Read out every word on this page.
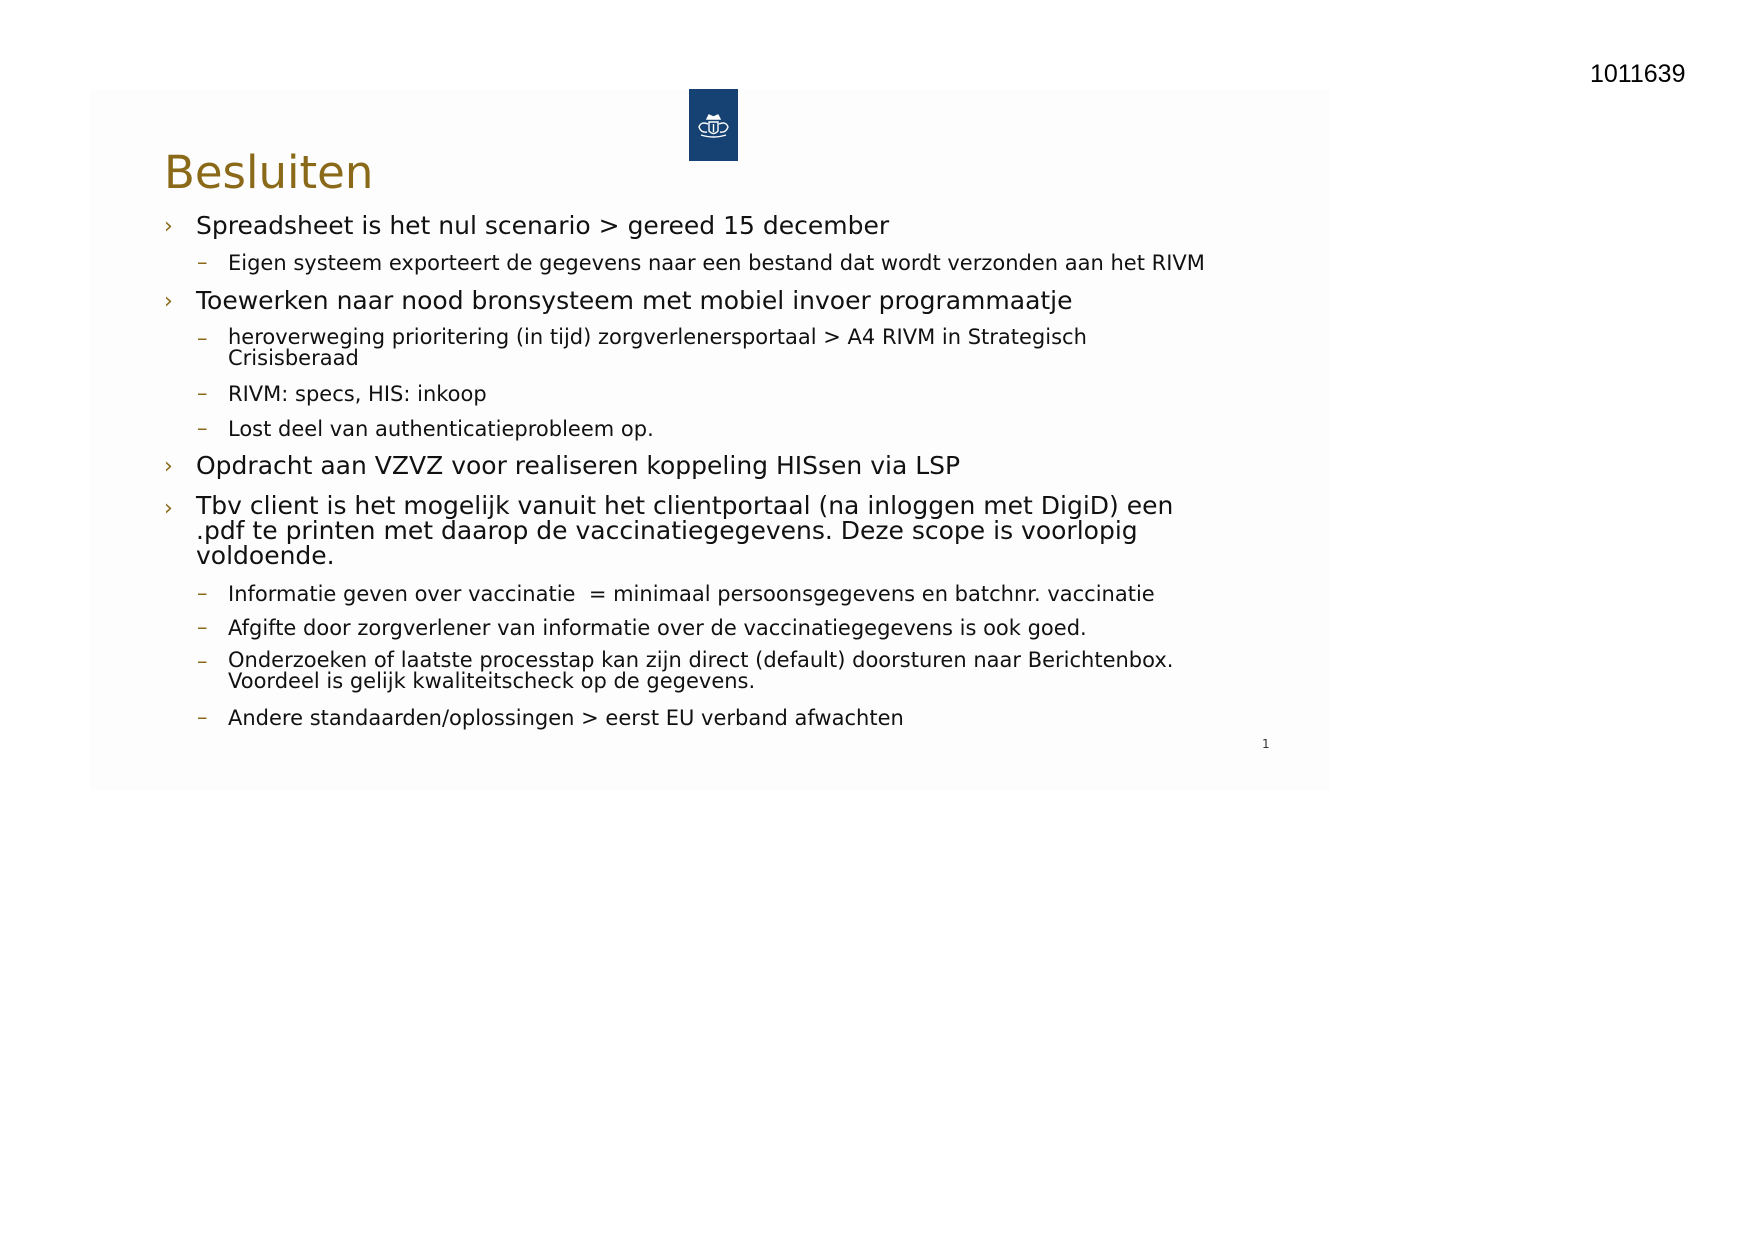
1011639
Besluiten
› Spreadsheet is het nul scenario > gereed 15 december
– Eigen systeem exporteert de gegevens naar een bestand dat wordt verzonden aan het RIVM
› Toewerken naar nood bronsysteem met mobiel invoer programmaatje
– heroverweging prioritering (in tijd) zorgverlenersportaal > A4 RIVM in Strategisch
Crisisberaad
– RIVM: specs, HIS: inkoop
– Lost deel van authenticatieprobleem op.
› Opdracht aan VZVZ voor realiseren koppeling HISsen via LSP
› Tbv client is het mogelijk vanuit het clientportaal (na inloggen met DigiD) een
.pdf te printen met daarop de vaccinatiegegevens. Deze scope is voorlopig
voldoende.
– Informatie geven over vaccinatie  = minimaal persoonsgegevens en batchnr. vaccinatie
– Afgifte door zorgverlener van informatie over de vaccinatiegegevens is ook goed.
– Onderzoeken of laatste processtap kan zijn direct (default) doorsturen naar Berichtenbox.
Voordeel is gelijk kwaliteitscheck op de gegevens.
– Andere standaarden/oplossingen > eerst EU verband afwachten
1
